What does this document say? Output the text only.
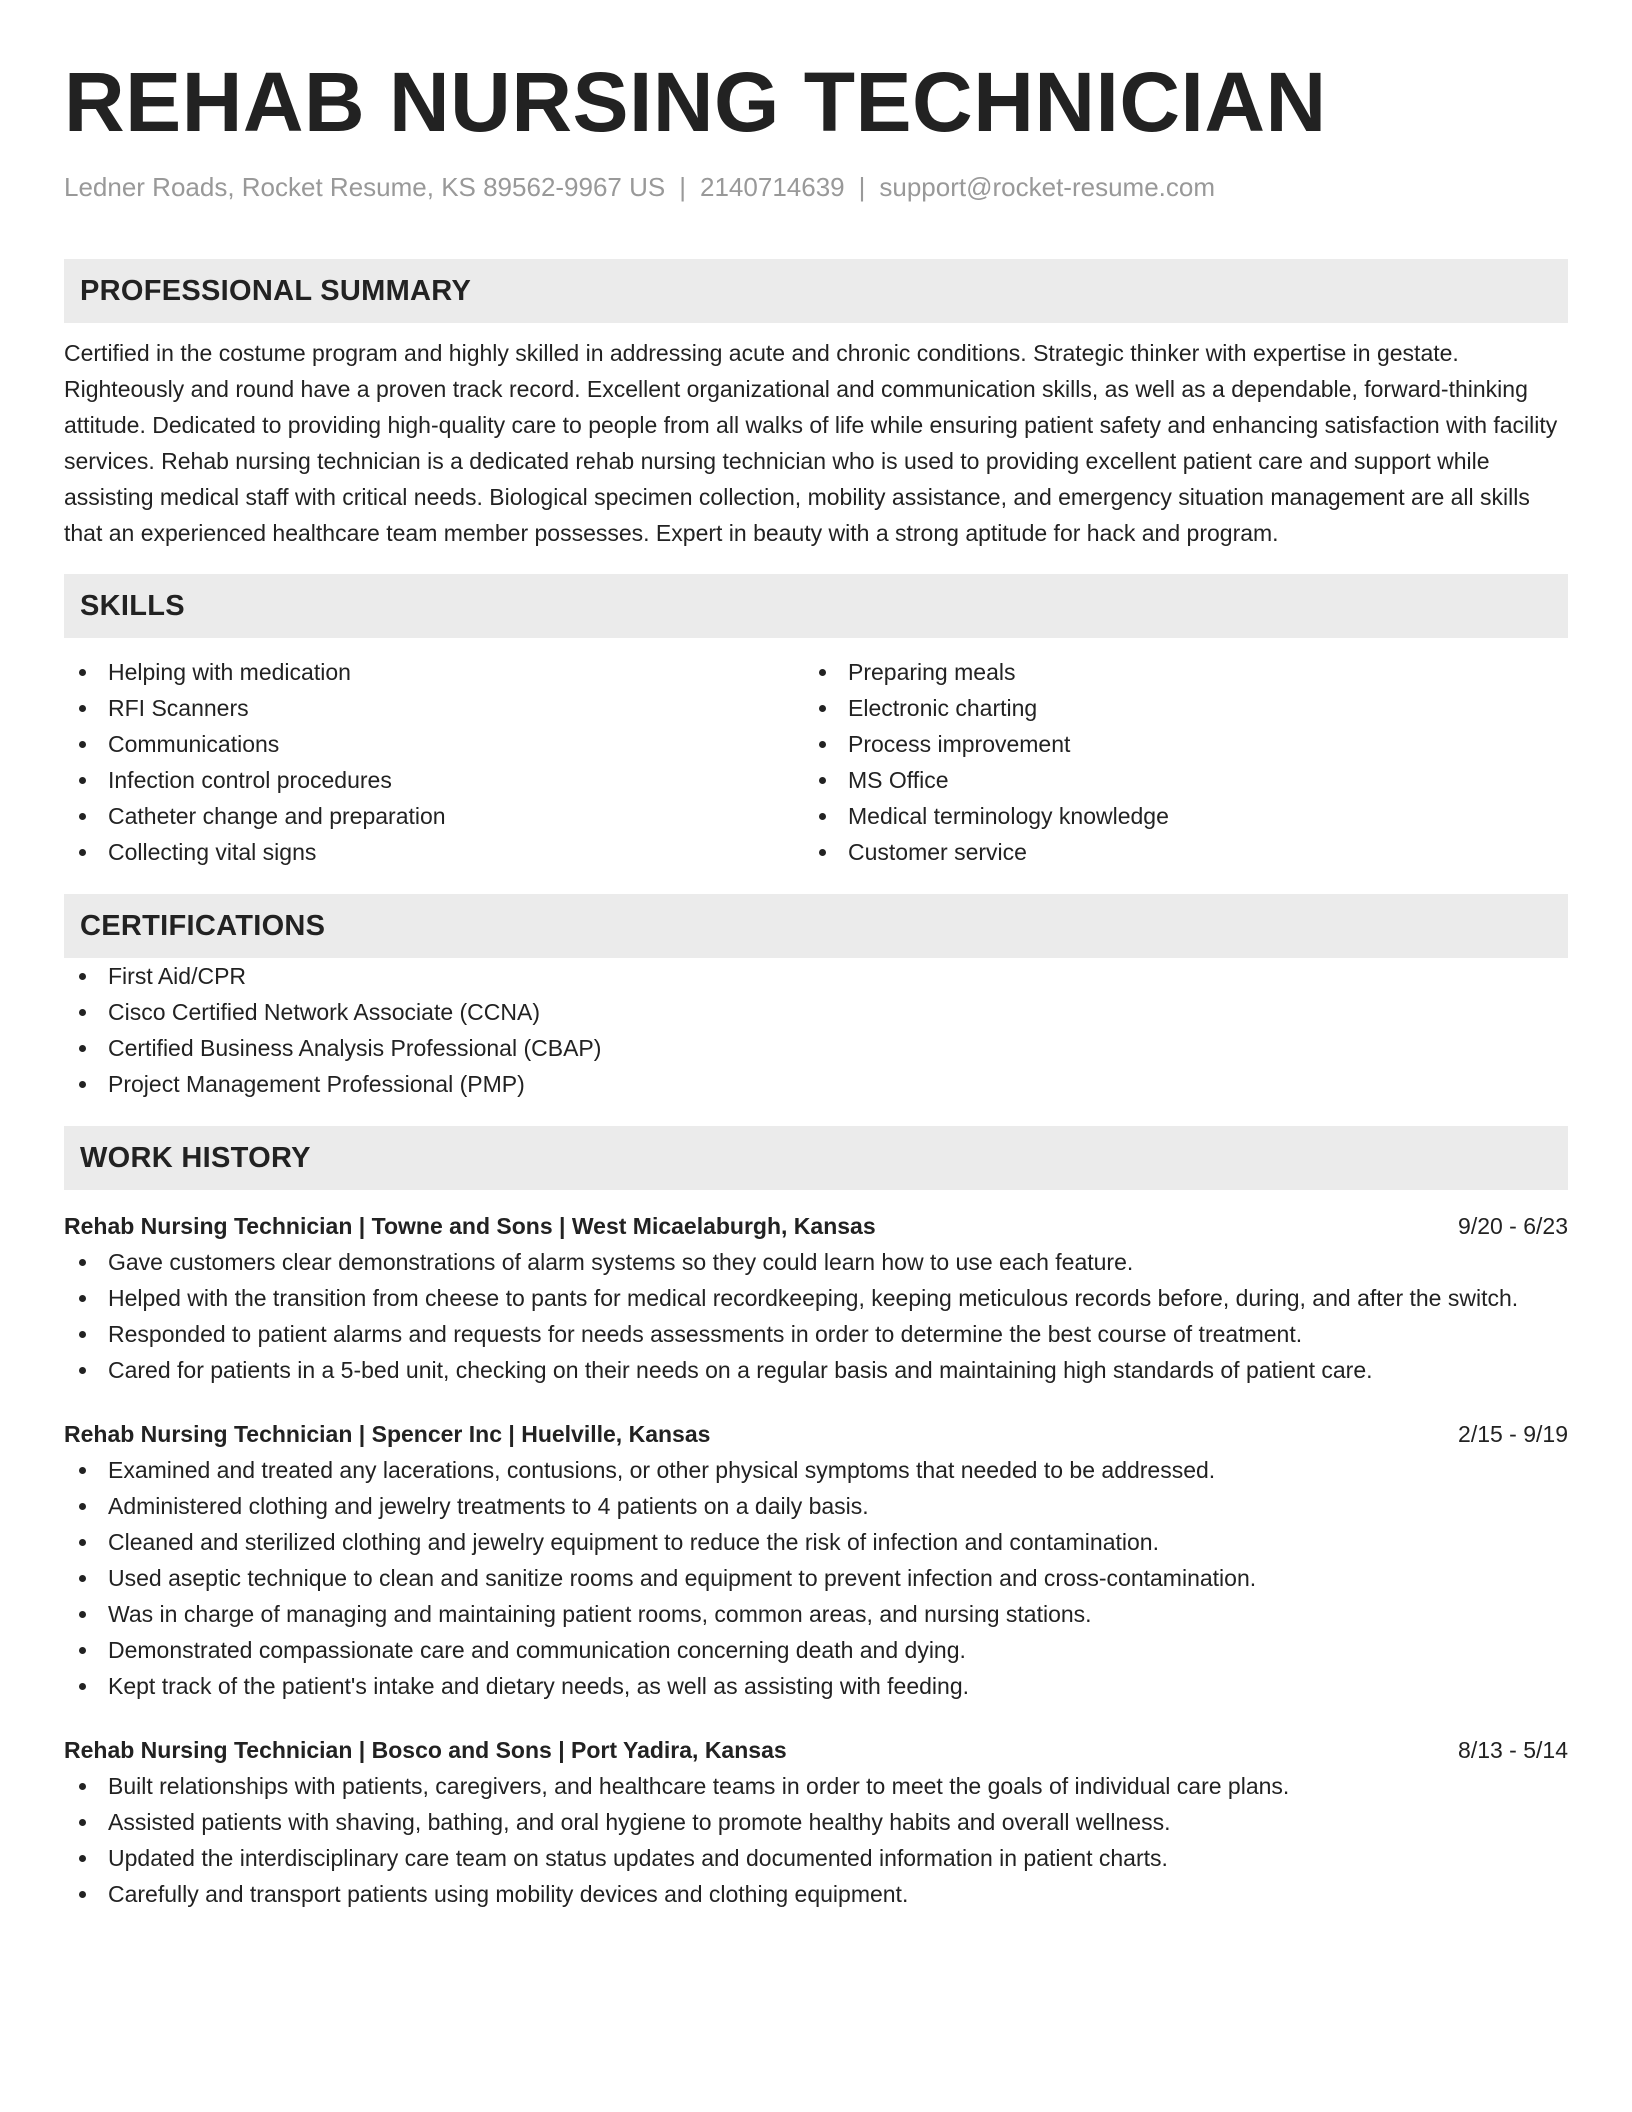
REHAB NURSING TECHNICIAN
Ledner Roads, Rocket Resume, KS 89562-9967 US | 2140714639 | support@rocket-resume.com
PROFESSIONAL SUMMARY

Certified in the costume program and highly skilled in addressing acute and chronic conditions. Strategic thinker with expertise in gestate. Righteously and round have a proven track record. Excellent organizational and communication skills, as well as a dependable, forward-thinking attitude. Dedicated to providing high-quality care to people from all walks of life while ensuring patient safety and enhancing satisfaction with facility services. Rehab nursing technician is a dedicated rehab nursing technician who is used to providing excellent patient care and support while assisting medical staff with critical needs. Biological specimen collection, mobility assistance, and emergency situation management are all skills that an experienced healthcare team member possesses. Expert in beauty with a strong aptitude for hack and program.

SKILLS
Helping with medication
RFI Scanners
Communications
Infection control procedures
Catheter change and preparation
Collecting vital signs
Preparing meals
Electronic charting
Process improvement
MS Office
Medical terminology knowledge
Customer service
CERTIFICATIONS
First Aid/CPR
Cisco Certified Network Associate (CCNA)
Certified Business Analysis Professional (CBAP)
Project Management Professional (PMP)
WORK HISTORY
Rehab Nursing Technician | Towne and Sons | West Micaelaburgh, Kansas	9/20 - 6/23
Gave customers clear demonstrations of alarm systems so they could learn how to use each feature.
Helped with the transition from cheese to pants for medical recordkeeping, keeping meticulous records before, during, and after the switch.
Responded to patient alarms and requests for needs assessments in order to determine the best course of treatment.
Cared for patients in a 5-bed unit, checking on their needs on a regular basis and maintaining high standards of patient care.
Rehab Nursing Technician | Spencer Inc | Huelville, Kansas	2/15 - 9/19
Examined and treated any lacerations, contusions, or other physical symptoms that needed to be addressed.
Administered clothing and jewelry treatments to 4 patients on a daily basis.
Cleaned and sterilized clothing and jewelry equipment to reduce the risk of infection and contamination.
Used aseptic technique to clean and sanitize rooms and equipment to prevent infection and cross-contamination.
Was in charge of managing and maintaining patient rooms, common areas, and nursing stations.
Demonstrated compassionate care and communication concerning death and dying.
Kept track of the patient's intake and dietary needs, as well as assisting with feeding.
Rehab Nursing Technician | Bosco and Sons | Port Yadira, Kansas	8/13 - 5/14
Built relationships with patients, caregivers, and healthcare teams in order to meet the goals of individual care plans.
Assisted patients with shaving, bathing, and oral hygiene to promote healthy habits and overall wellness.
Updated the interdisciplinary care team on status updates and documented information in patient charts.
Carefully and transport patients using mobility devices and clothing equipment.
